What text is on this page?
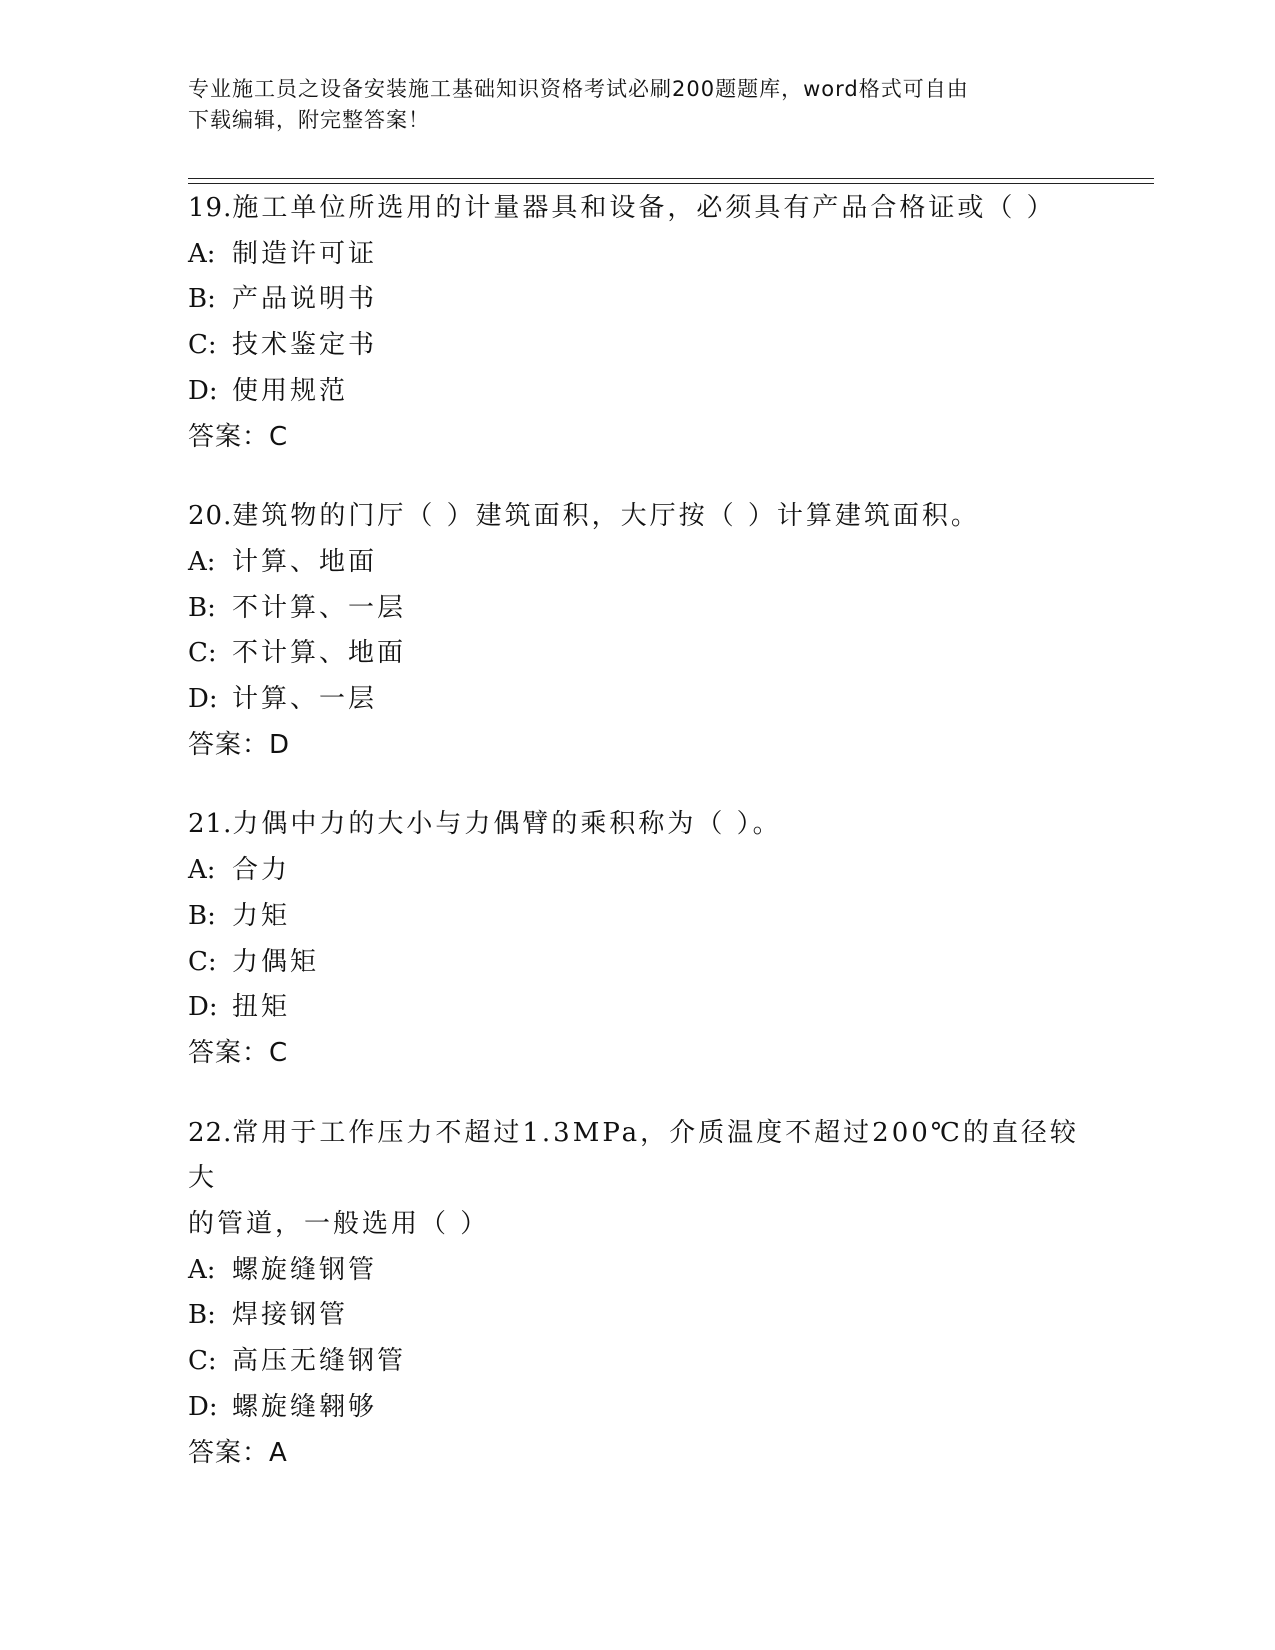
专业施工员之设备安装施工基础知识资格考试必刷200题题库，word格式可自由
下载编辑，附完整答案！
19.施工单位所选用的计量器具和设备，必须具有产品合格证或（ ）
A: 制造许可证
B: 产品说明书
C: 技术鉴定书
D: 使用规范
答案：C
20.建筑物的门厅（ ）建筑面积，大厅按（ ）计算建筑面积。
A: 计算、地面
B: 不计算、一层
C: 不计算、地面
D: 计算、一层
答案：D
21.力偶中力的大小与力偶臂的乘积称为（ ）。
A: 合力
B: 力矩
C: 力偶矩
D: 扭矩
答案：C
22.常用于工作压力不超过1.3MPa，介质温度不超过200℃的直径较大
的管道，一般选用（ ）
A: 螺旋缝钢管
B: 焊接钢管
C: 高压无缝钢管
D: 螺旋缝翱够
答案：A
